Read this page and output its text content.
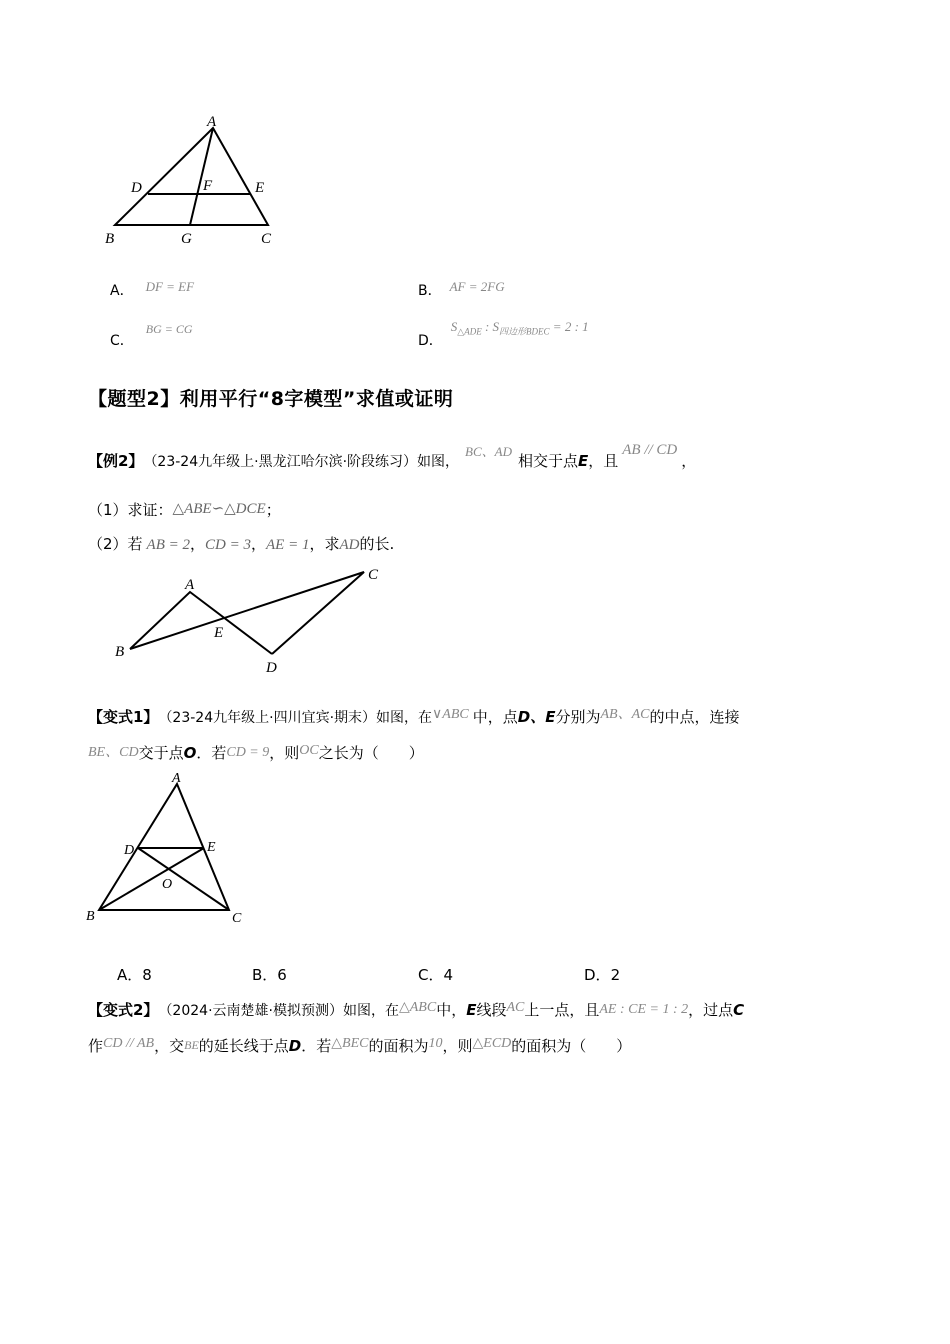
A
D	F	E
B	G	C
A． DF = EF	B． AF = 2FG
C．
BG = CG
D．
$S_{\triangle ADE}$ : $S_{四边形BDEC} = 2$ : 1
【题型2】利用平行“8字模型”求值或证明
【例2】 （23-24九年级上·黑龙江哈尔滨·阶段练习）如图，
BC、AD
相交于点 E ，且
AB // CD
，
（1）求证： △ABE∽△DCE ；
（2）若 AB = 2 ， CD = 3 ， AE = 1 ，求 AD 的长.
A
B
C
D
E
【变式1】 （23-24九年级上·四川宜宾·期末）如图，在 ∨ABC 中，点 D、E 分别为 AB、AC 的中点，连接
BE、CD 交于点 O ．若 CD = 9 ，则 OC 之长为（　　）
A
D	E
O
B	C
A．8	B．6	C．4	D．2
【变式2】 （2024·云南楚雄·模拟预测）如图，在 △ABC 中， E 线段 AC 上一点，且 AE : CE = 1 : 2 ，过点 C
作 CD // AB ，交 BE 的延长线于点 D ．若 △BEC 的面积为 10 ，则 △ECD 的面积为（　　）
